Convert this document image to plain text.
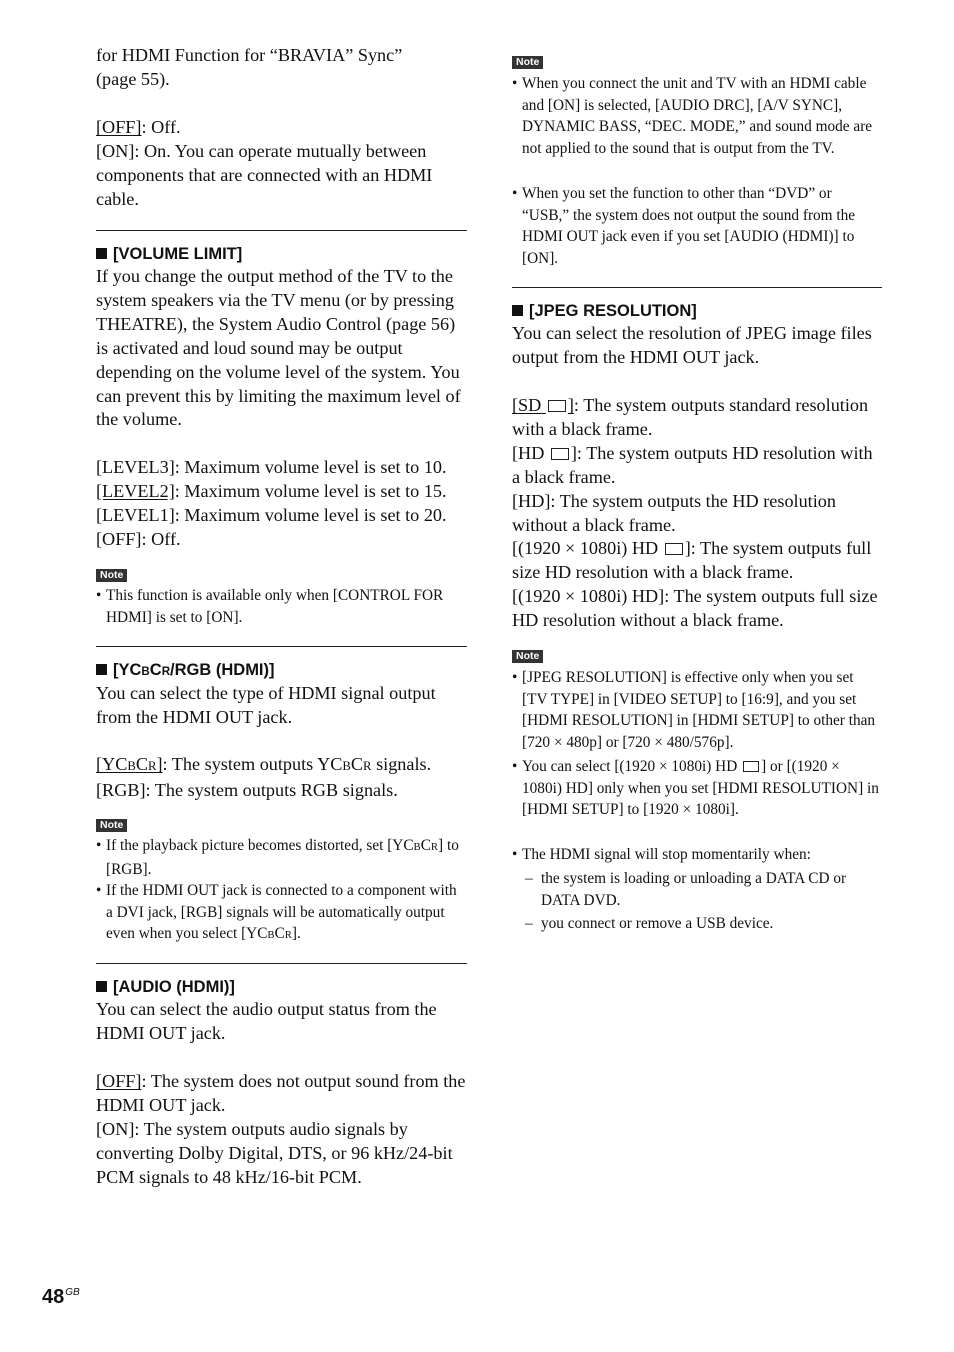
for HDMI Function for “BRAVIA” Sync”
(page 55).
[OFF]: Off.
[ON]: On. You can operate mutually between components that are connected with an HDMI cable.
[VOLUME LIMIT]
If you change the output method of the TV to the system speakers via the TV menu (or by pressing THEATRE), the System Audio Control (page 56) is activated and loud sound may be output depending on the volume level of the system. You can prevent this by limiting the maximum level of the volume.
[LEVEL3]: Maximum volume level is set to 10.
[LEVEL2]: Maximum volume level is set to 15.
[LEVEL1]: Maximum volume level is set to 20.
[OFF]: Off.
Note
• This function is available only when [CONTROL FOR HDMI] is set to [ON].
[YCBCR/RGB (HDMI)]
You can select the type of HDMI signal output from the HDMI OUT jack.
[YCBCR]: The system outputs YCBCR signals.
[RGB]: The system outputs RGB signals.
Note
• If the playback picture becomes distorted, set [YCBCR] to [RGB].
• If the HDMI OUT jack is connected to a component with a DVI jack, [RGB] signals will be automatically output even when you select [YCBCR].
[AUDIO (HDMI)]
You can select the audio output status from the HDMI OUT jack.
[OFF]: The system does not output sound from the HDMI OUT jack.
[ON]: The system outputs audio signals by converting Dolby Digital, DTS, or 96 kHz/24-bit PCM signals to 48 kHz/16-bit PCM.
Note
• When you connect the unit and TV with an HDMI cable and [ON] is selected, [AUDIO DRC], [A/V SYNC], DYNAMIC BASS, “DEC. MODE,” and sound mode are not applied to the sound that is output from the TV.
• When you set the function to other than “DVD” or “USB,” the system does not output the sound from the HDMI OUT jack even if you set [AUDIO (HDMI)] to [ON].
[JPEG RESOLUTION]
You can select the resolution of JPEG image files output from the HDMI OUT jack.
[SD ]: The system outputs standard resolution with a black frame.
[HD ]: The system outputs HD resolution with a black frame.
[HD]: The system outputs the HD resolution without a black frame.
[(1920 × 1080i) HD ]: The system outputs full size HD resolution with a black frame.
[(1920 × 1080i) HD]: The system outputs full size HD resolution without a black frame.
Note
• [JPEG RESOLUTION] is effective only when you set [TV TYPE] in [VIDEO SETUP] to [16:9], and you set [HDMI RESOLUTION] in [HDMI SETUP] to other than [720 × 480p] or [720 × 480/576p].
• You can select [(1920 × 1080i) HD ] or [(1920 × 1080i) HD] only when you set [HDMI RESOLUTION] in [HDMI SETUP] to [1920 × 1080i].
• The HDMI signal will stop momentarily when:
– the system is loading or unloading a DATA CD or DATA DVD.
– you connect or remove a USB device.
$48^{GB}$
